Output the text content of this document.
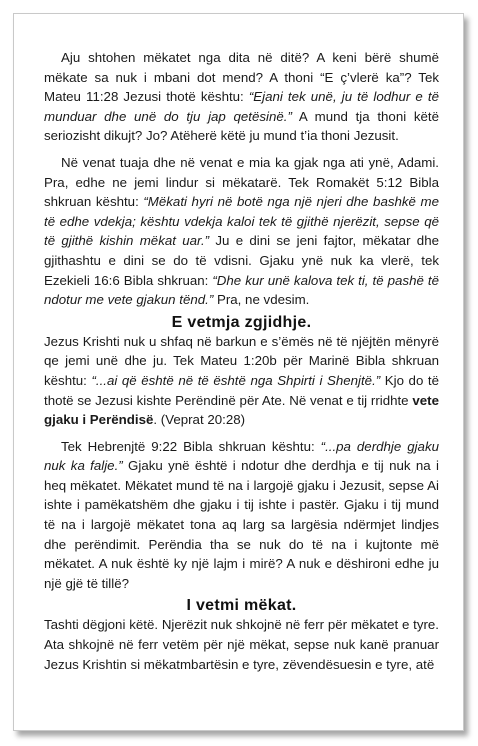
Aju shtohen mëkatet nga dita në ditë? A keni bërë shumë mëkate sa nuk i mbani dot mend? A thoni “E ç’vlerë ka”? Tek Mateu 11:28 Jezusi thotë kështu: “Ejani tek unë, ju të lodhur e të munduar dhe unë do tju jap qetësinë.” A mund tja thoni këtë seriozisht dikujt? Jo? Atëherë këtë ju mund t’ia thoni Jezusit.

Në venat tuaja dhe në venat e mia ka gjak nga ati ynë, Adami. Pra, edhe ne jemi lindur si mëkatarë. Tek Romakët 5:12 Bibla shkruan kështu: “Mëkati hyri në botë nga një njeri dhe bashkë me të edhe vdekja; kështu vdekja kaloi tek të gjithë njerëzit, sepse që të gjithë kishin mëkat uar.” Ju e dini se jeni fajtor, mëkatar dhe gjithashtu e dini se do të vdisni. Gjaku ynë nuk ka vlerë, tek Ezekieli 16:6 Bibla shkruan: “Dhe kur unë kalova tek ti, të pashë të ndotur me vete gjakun tënd.” Pra, ne vdesim.

E vetmja zgjidhje.

Jezus Krishti nuk u shfaq në barkun e s’ëmës në të njëjtën mënyrë qe jemi unë dhe ju. Tek Mateu 1:20b për Marinë Bibla shkruan kështu: “...ai që është në të është nga Shpirti i Shenjtë.” Kjo do të thotë se Jezusi kishte Perëndinë për Ate. Në venat e tij rridhte vete gjaku i Perëndisë. (Veprat 20:28)

Tek Hebrenjtë 9:22 Bibla shkruan kështu: “...pa derdhje gjaku nuk ka falje.” Gjaku ynë është i ndotur dhe derdhja e tij nuk na i heq mëkatet. Mëkatet mund të na i largojë gjaku i Jezusit, sepse Ai ishte i pamëkatshëm dhe gjaku i tij ishte i pastër. Gjaku i tij mund të na i largojë mëkatet tona aq larg sa largësia ndërmjet lindjes dhe perëndimit. Perëndia tha se nuk do të na i kujtonte më mëkatet. A nuk është ky një lajm i mirë? A nuk e dëshironi edhe ju një gjë të tillë?

I vetmi mëkat.

Tashti dëgjoni këtë. Njerëzit nuk shkojnë në ferr për mëkatet e tyre. Ata shkojnë në ferr vetëm për një mëkat, sepse nuk kanë pranuar Jezus Krishtin si mëkatmbartësin e tyre, zëvendësuesin e tyre, atë
